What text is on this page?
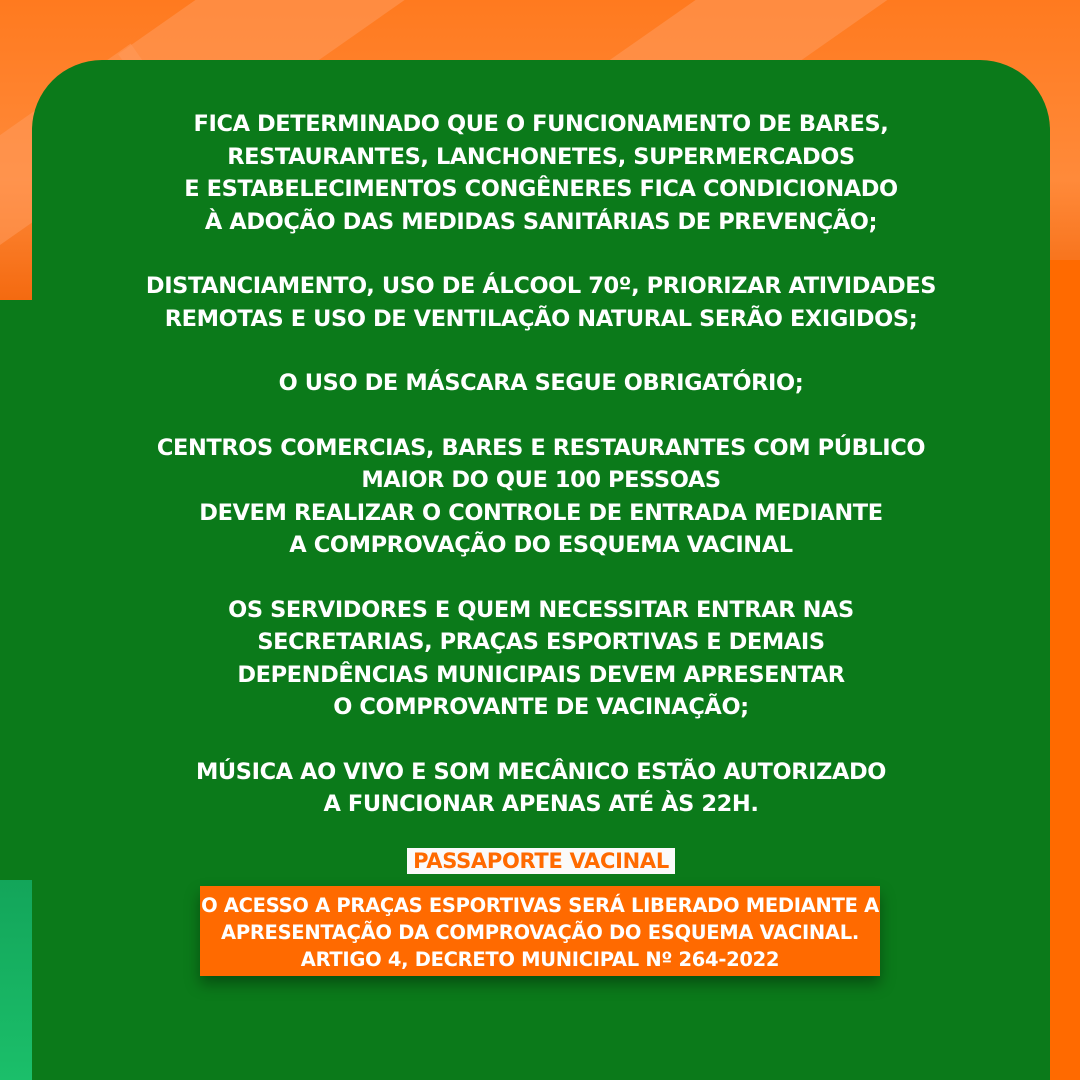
FICA DETERMINADO QUE O FUNCIONAMENTO DE BARES,
RESTAURANTES, LANCHONETES, SUPERMERCADOS
E ESTABELECIMENTOS CONGÊNERES FICA CONDICIONADO
À ADOÇÃO DAS MEDIDAS SANITÁRIAS DE PREVENÇÃO;

DISTANCIAMENTO, USO DE ÁLCOOL 70º, PRIORIZAR ATIVIDADES
REMOTAS E USO DE VENTILAÇÃO NATURAL SERÃO EXIGIDOS;

O USO DE MÁSCARA SEGUE OBRIGATÓRIO;

CENTROS COMERCIAS, BARES E RESTAURANTES COM PÚBLICO
MAIOR DO QUE 100 PESSOAS
DEVEM REALIZAR O CONTROLE DE ENTRADA MEDIANTE
A COMPROVAÇÃO DO ESQUEMA VACINAL

OS SERVIDORES E QUEM NECESSITAR ENTRAR NAS
SECRETARIAS, PRAÇAS ESPORTIVAS E DEMAIS
DEPENDÊNCIAS MUNICIPAIS DEVEM APRESENTAR
O COMPROVANTE DE VACINAÇÃO;

MÚSICA AO VIVO E SOM MECÂNICO ESTÃO AUTORIZADO
A FUNCIONAR APENAS ATÉ ÀS 22H.

PASSAPORTE VACINAL
O ACESSO A PRAÇAS ESPORTIVAS SERÁ LIBERADO MEDIANTE A
APRESENTAÇÃO DA COMPROVAÇÃO DO ESQUEMA VACINAL.
ARTIGO 4, DECRETO MUNICIPAL Nº 264-2022
